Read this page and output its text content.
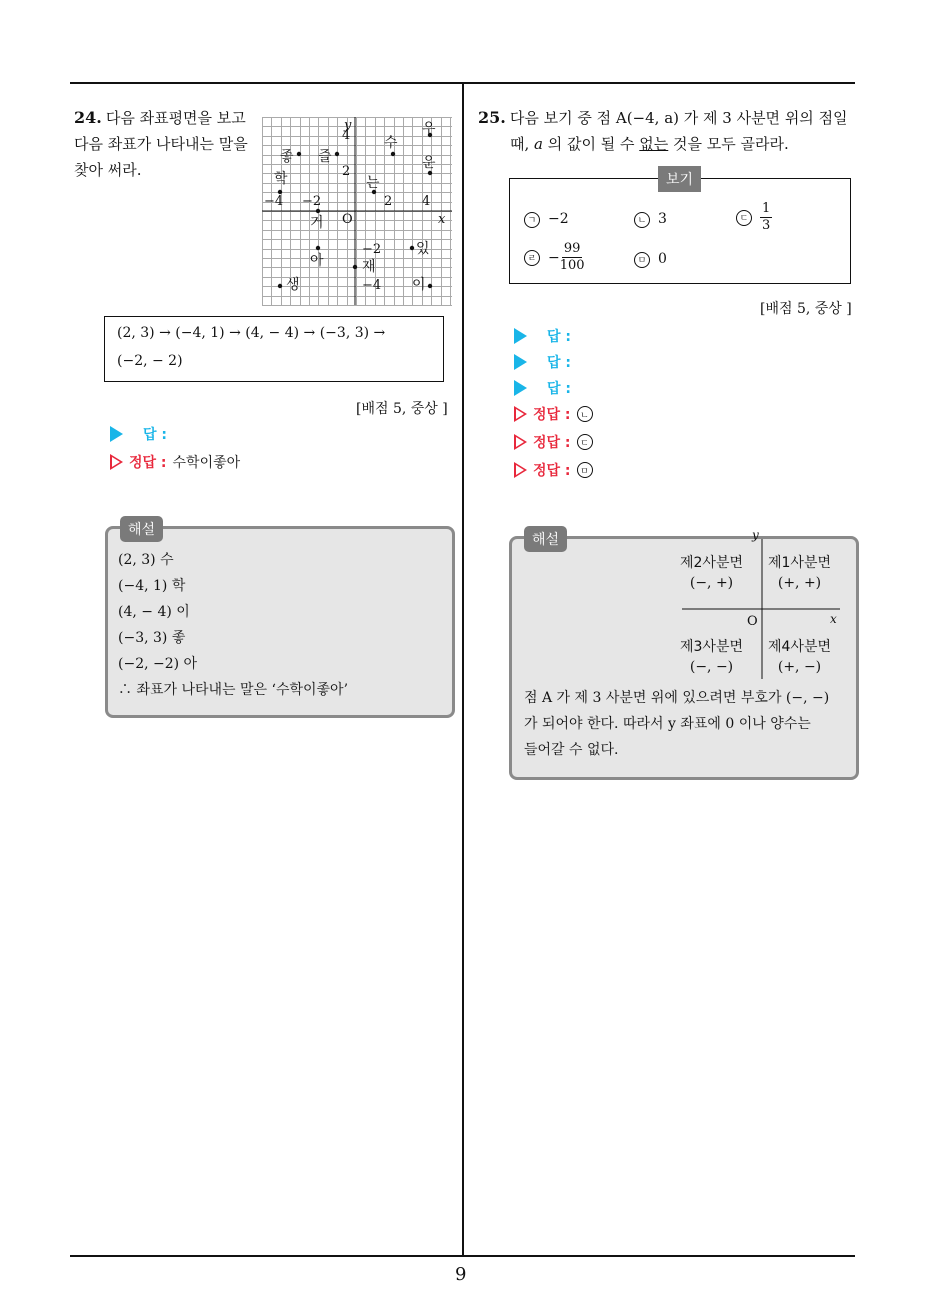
9
24. 다음 좌표평면을 보고 다음 좌표가 나타내는 말을 찾아 써라.
x
y
O
4
2
−4 −2	2 4
−2
−4
좋 즐
수
우
학	는
운
거
아	재
있
생	이
(2, 3) → (−4, 1) → (4, − 4) → (−3, 3) →
(−2, − 2)
[배점 5, 중상 ]
답 :
정답 : 수학이좋아
(2, 3) 수
(−4, 1) 학
(4, − 4) 이
(−3, 3) 좋
(−2, −2) 아
∴ 좌표가 나타내는 말은 ‘수학이좋아’
해설
25. 다음 보기 중 점 A(−4, a) 가 제 3 사분면 위의 점일
때, a 의 값이 될 수 없는 것을 모두 골라라.
ㄱ −2	ㄴ 3	ㄷ $\frac{1}{3}$
ㄹ − $\frac{99}{100}$	ㅁ 0
보기
[배점 5, 중상 ]
답 :
답 :
답 :
정답 :	ㄴ
정답 :	ㄷ
정답 :	ㅁ
y
x
O
제2사분면
(−, +)
제1사분면
(+, +)
제3사분면
(−, −)
제4사분면
(+, −)
점 A 가 제 3 사분면 위에 있으려면 부호가 (−, −)
가 되어야 한다. 따라서 y 좌표에 0 이나 양수는
들어갈 수 없다.
해설
